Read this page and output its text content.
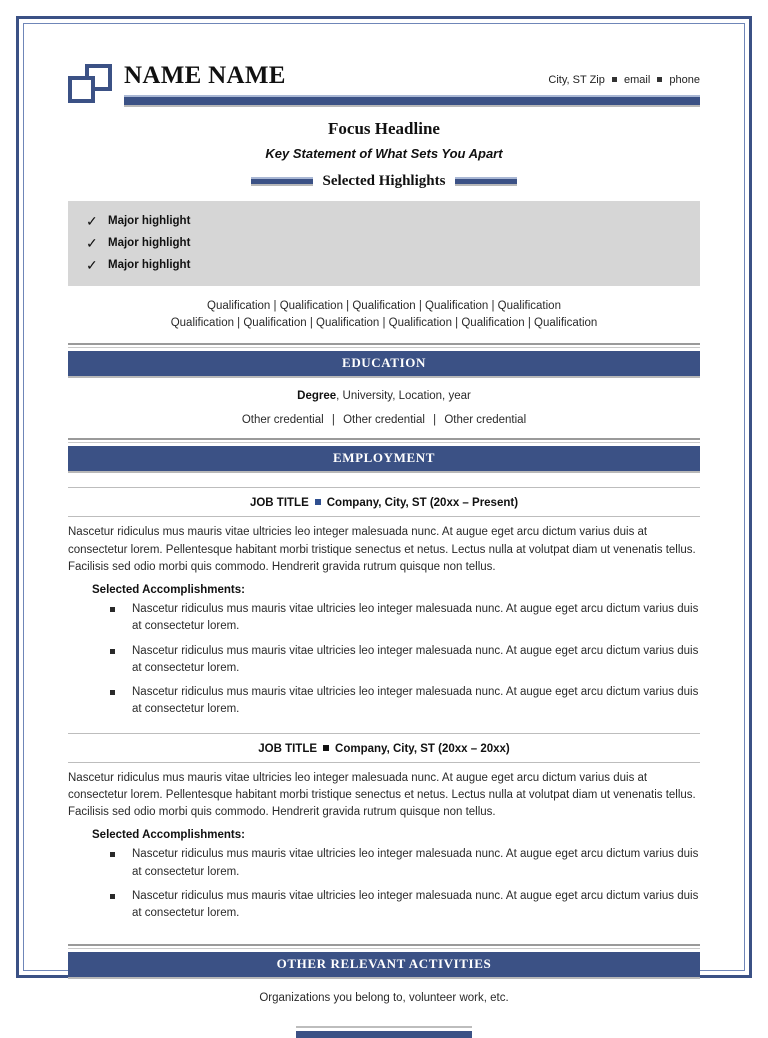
NAME NAME	City, ST Zip email phone
Focus Headline
Key Statement of What Sets You Apart
Selected Highlights
✓ Major highlight
✓ Major highlight
✓ Major highlight
Qualification | Qualification | Qualification | Qualification | Qualification
Qualification | Qualification | Qualification | Qualification | Qualification | Qualification
EDUCATION
Degree, University, Location, year
Other credential | Other credential | Other credential
EMPLOYMENT
JOB TITLE Company, City, ST (20xx – Present)
Nascetur ridiculus mus mauris vitae ultricies leo integer malesuada nunc. At augue eget arcu dictum varius duis at consectetur lorem. Pellentesque habitant morbi tristique senectus et netus. Lectus nulla at volutpat diam ut venenatis tellus. Facilisis sed odio morbi quis commodo. Hendrerit gravida rutrum quisque non tellus.
Selected Accomplishments:
Nascetur ridiculus mus mauris vitae ultricies leo integer malesuada nunc. At augue eget arcu dictum varius duis at consectetur lorem.
Nascetur ridiculus mus mauris vitae ultricies leo integer malesuada nunc. At augue eget arcu dictum varius duis at consectetur lorem.
Nascetur ridiculus mus mauris vitae ultricies leo integer malesuada nunc. At augue eget arcu dictum varius duis at consectetur lorem.
JOB TITLE Company, City, ST (20xx – 20xx)
Nascetur ridiculus mus mauris vitae ultricies leo integer malesuada nunc. At augue eget arcu dictum varius duis at consectetur lorem. Pellentesque habitant morbi tristique senectus et netus. Lectus nulla at volutpat diam ut venenatis tellus. Facilisis sed odio morbi quis commodo. Hendrerit gravida rutrum quisque non tellus.
Selected Accomplishments:
Nascetur ridiculus mus mauris vitae ultricies leo integer malesuada nunc. At augue eget arcu dictum varius duis at consectetur lorem.
Nascetur ridiculus mus mauris vitae ultricies leo integer malesuada nunc. At augue eget arcu dictum varius duis at consectetur lorem.
OTHER RELEVANT ACTIVITIES
Organizations you belong to, volunteer work, etc.
